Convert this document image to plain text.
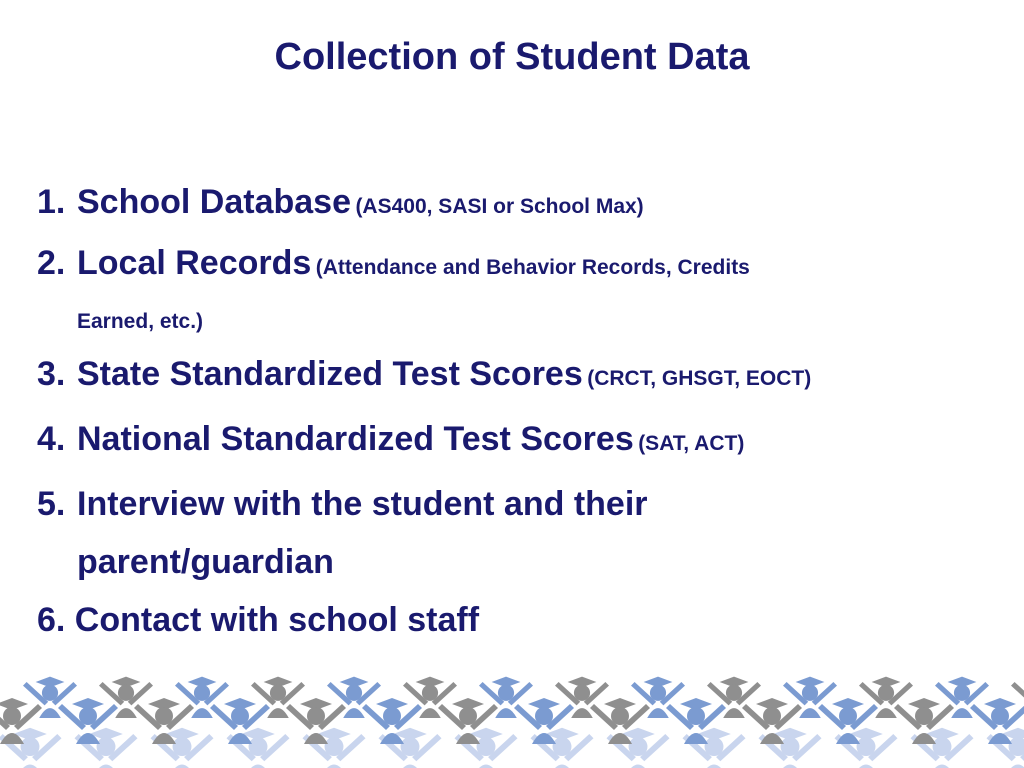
Collection of Student Data
1. School Database (AS400, SASI or School Max)
2. Local Records (Attendance and Behavior Records, Credits
Earned, etc.)
3. State Standardized Test Scores (CRCT, GHSGT, EOCT)
4. National Standardized Test Scores (SAT, ACT)
5. Interview with the student and their
parent/guardian
6. Contact with school staff
